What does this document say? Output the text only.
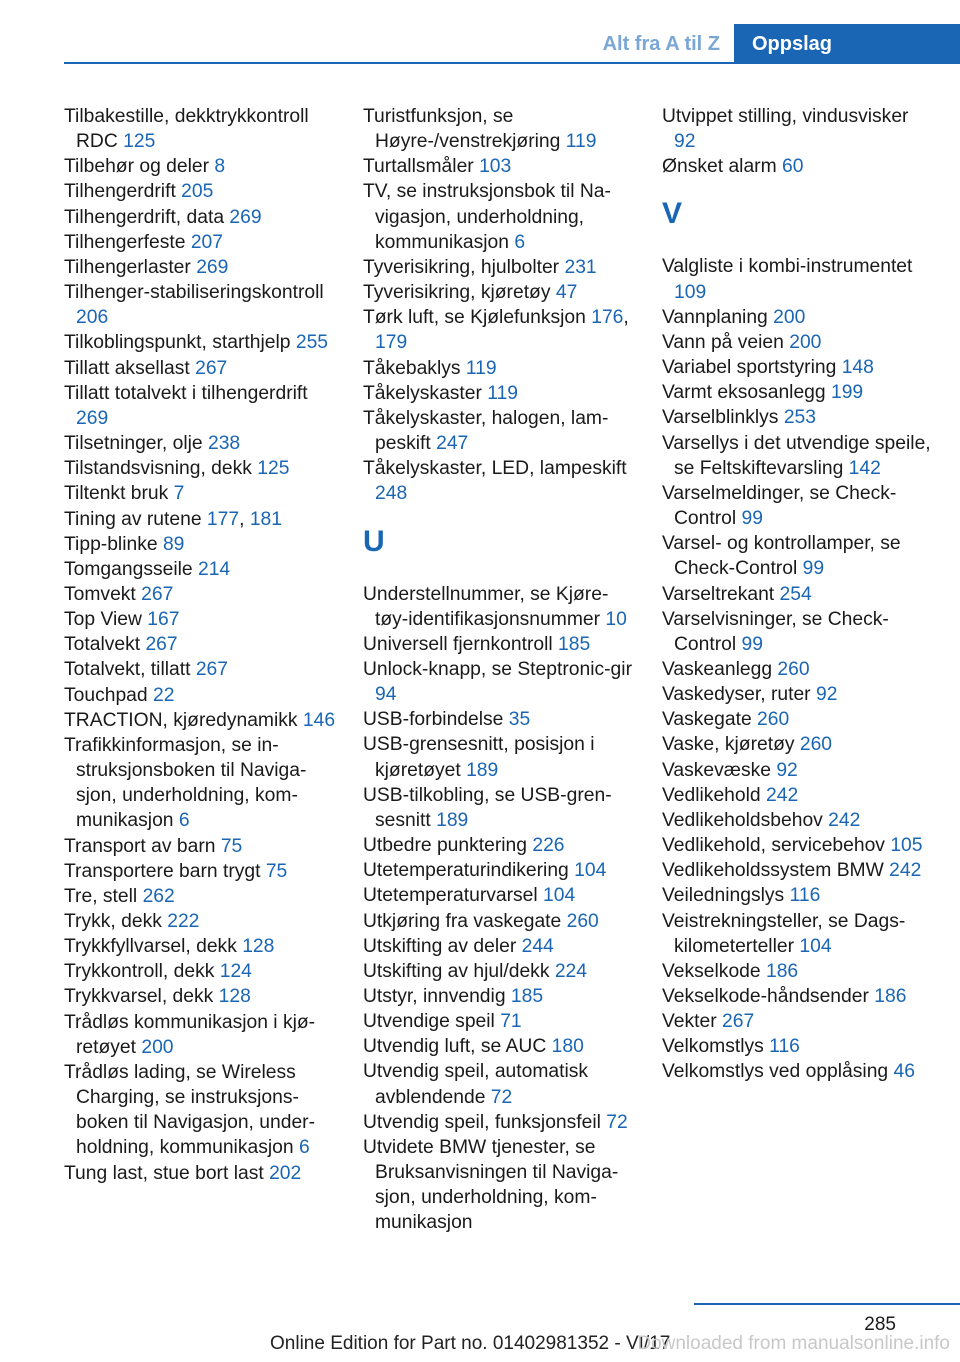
Alt fra A til Z	Oppslag
Tilbakestille, dekktrykkontroll RDC 125
Tilbehør og deler 8
Tilhengerdrift 205
Tilhengerdrift, data 269
Tilhengerfeste 207
Tilhengerlaster 269
Tilhenger-stabiliseringskontroll 206
Tilkoblingspunkt, starthjelp 255
Tillatt aksellast 267
Tillatt totalvekt i tilhengerdrift 269
Tilsetninger, olje 238
Tilstandsvisning, dekk 125
Tiltenkt bruk 7
Tining av rutene 177, 181
Tipp-blinke 89
Tomgangsseile 214
Tomvekt 267
Top View 167
Totalvekt 267
Totalvekt, tillatt 267
Touchpad 22
TRACTION, kjøredynamikk 146
Trafikkinformasjon, se instruksjonsboken til Navigasjon, underholdning, kommunikasjon 6
Transport av barn 75
Transportere barn trygt 75
Tre, stell 262
Trykk, dekk 222
Trykkfyllvarsel, dekk 128
Trykkontroll, dekk 124
Trykkvarsel, dekk 128
Trådløs kommunikasjon i kjøretøyet 200
Trådløs lading, se Wireless Charging, se instruksjonsboken til Navigasjon, underholdning, kommunikasjon 6
Tung last, stue bort last 202
Turistfunksjon, se Høyre-/venstrekjøring 119
Turtallsmåler 103
TV, se instruksjonsbok til Navigasjon, underholdning, kommunikasjon 6
Tyverisikring, hjulbolter 231
Tyverisikring, kjøretøy 47
Tørk luft, se Kjølefunksjon 176, 179
Tåkebaklys 119
Tåkelyskaster 119
Tåkelyskaster, halogen, lampeskift 247
Tåkelyskaster, LED, lampeskift 248
U
Understellnummer, se Kjøretøy-identifikasjonsnummer 10
Universell fjernkontroll 185
Unlock-knapp, se Steptronic-gir 94
USB-forbindelse 35
USB-grensesnitt, posisjon i kjøretøyet 189
USB-tilkobling, se USB-grensesnitt 189
Utbedre punktering 226
Utetemperaturindikering 104
Utetemperaturvarsel 104
Utkjøring fra vaskegate 260
Utskifting av deler 244
Utskifting av hjul/dekk 224
Utstyr, innvendig 185
Utvendige speil 71
Utvendig luft, se AUC 180
Utvendig speil, automatisk avblendende 72
Utvendig speil, funksjonsfeil 72
Utvidete BMW tjenester, se Bruksanvisningen til Navigasjon, underholdning, kommunikasjon
Utvippet stilling, vindusvisker 92
Ønsket alarm 60
V
Valgliste i kombi-instrumentet 109
Vannplaning 200
Vann på veien 200
Variabel sportstyring 148
Varmt eksosanlegg 199
Varselblinklys 253
Varsellys i det utvendige speile, se Feltskiftevarsling 142
Varselmeldinger, se Check-Control 99
Varsel- og kontrollamper, se Check-Control 99
Varseltrekant 254
Varselvisninger, se Check-Control 99
Vaskeanlegg 260
Vaskedyser, ruter 92
Vaskegate 260
Vaske, kjøretøy 260
Vaskevæske 92
Vedlikehold 242
Vedlikeholdsbehov 242
Vedlikehold, servicebehov 105
Vedlikeholdssystem BMW 242
Veiledningslys 116
Veistrekningsteller, se Dagskilometerteller 104
Vekselkode 186
Vekselkode-håndsender 186
Vekter 267
Velkomstlys 116
Velkomstlys ved opplåsing 46
285
Online Edition for Part no. 01402981352 - VI/17
Downloaded from manualsonline.info
